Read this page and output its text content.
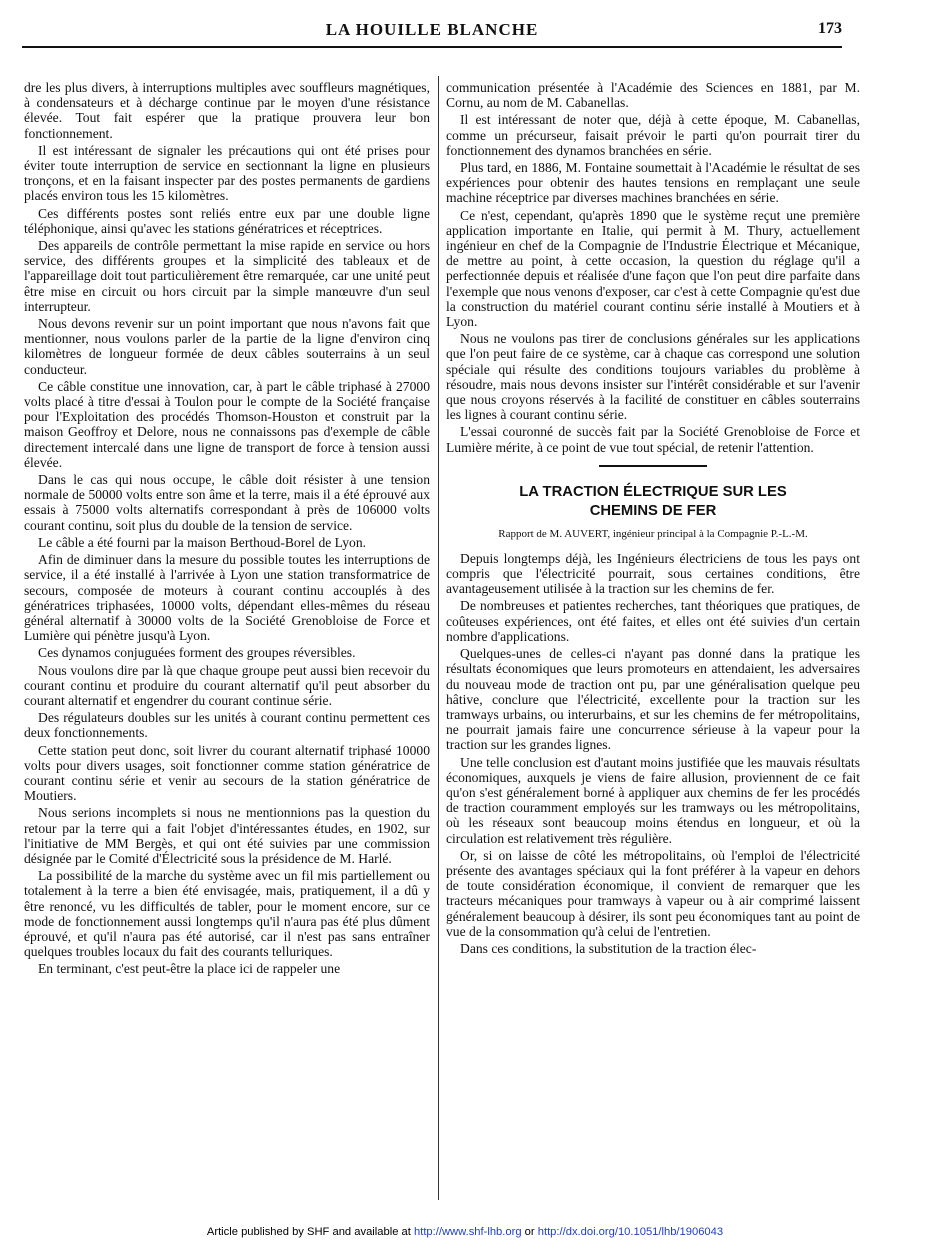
LA HOUILLE BLANCHE	173

dre les plus divers, à interruptions multiples avec souffleurs magnétiques, à condensateurs et à décharge continue par le moyen d'une résistance élevée. Tout fait espérer que la pratique prouvera leur bon fonctionnement.

Il est intéressant de signaler les précautions qui ont été prises pour éviter toute interruption de service en sectionnant la ligne en plusieurs tronçons, et en la faisant inspecter par des postes permanents de gardiens placés environ tous les 15 kilomètres.

Ces différents postes sont reliés entre eux par une double ligne téléphonique, ainsi qu'avec les stations génératrices et réceptrices.

Des appareils de contrôle permettant la mise rapide en service ou hors service, des différents groupes et la simplicité des tableaux et de l'appareillage doit tout particulièrement être remarquée, car une unité peut être mise en circuit ou hors circuit par la simple manœuvre d'un seul interrupteur.

Nous devons revenir sur un point important que nous n'avons fait que mentionner, nous voulons parler de la partie de la ligne d'environ cinq kilomètres de longueur formée de deux câbles souterrains à un seul conducteur.

Ce câble constitue une innovation, car, à part le câble triphasé à 27000 volts placé à titre d'essai à Toulon pour le compte de la Société française pour l'Exploitation des procédés Thomson-Houston et construit par la maison Geoffroy et Delore, nous ne connaissons pas d'exemple de câble directement intercalé dans une ligne de transport de force à tension aussi élevée.

Dans le cas qui nous occupe, le câble doit résister à une tension normale de 50000 volts entre son âme et la terre, mais il a été éprouvé aux essais à 75000 volts alternatifs correspondant à près de 106000 volts courant continu, soit plus du double de la tension de service.

Le câble a été fourni par la maison Berthoud-Borel de Lyon.

Afin de diminuer dans la mesure du possible toutes les interruptions de service, il a été installé à l'arrivée à Lyon une station transformatrice de secours, composée de moteurs à courant continu accouplés à des génératrices triphasées, 10000 volts, dépendant elles-mêmes du réseau général alternatif à 30000 volts de la Société Grenobloise de Force et Lumière qui pénètre jusqu'à Lyon.

Ces dynamos conjuguées forment des groupes réversibles.

Nous voulons dire par là que chaque groupe peut aussi bien recevoir du courant continu et produire du courant alternatif qu'il peut absorber du courant alternatif et engendrer du courant continue série.

Des régulateurs doubles sur les unités à courant continu permettent ces deux fonctionnements.

Cette station peut donc, soit livrer du courant alternatif triphasé 10000 volts pour divers usages, soit fonctionner comme station génératrice de courant continu série et venir au secours de la station génératrice de Moutiers.

Nous serions incomplets si nous ne mentionnions pas la question du retour par la terre qui a fait l'objet d'intéressantes études, en 1902, sur l'initiative de MM Bergès, et qui ont été suivies par une commission désignée par le Comité d'Électricité sous la présidence de M. Harlé.

La possibilité de la marche du système avec un fil mis partiellement ou totalement à la terre a bien été envisagée, mais, pratiquement, il a dû y être renoncé, vu les difficultés de tabler, pour le moment encore, sur ce mode de fonctionnement aussi longtemps qu'il n'aura pas été plus dûment éprouvé, et qu'il n'aura pas été autorisé, car il n'est pas sans entraîner quelques troubles locaux du fait des courants telluriques.

En terminant, c'est peut-être la place ici de rappeler une

communication présentée à l'Académie des Sciences en 1881, par M. Cornu, au nom de M. Cabanellas.

Il est intéressant de noter que, déjà à cette époque, M. Cabanellas, comme un précurseur, faisait prévoir le parti qu'on pourrait tirer du fonctionnement des dynamos branchées en série.

Plus tard, en 1886, M. Fontaine soumettait à l'Académie le résultat de ses expériences pour obtenir des hautes tensions en remplaçant une seule machine réceptrice par diverses machines branchées en série.

Ce n'est, cependant, qu'après 1890 que le système reçut une première application importante en Italie, qui permit à M. Thury, actuellement ingénieur en chef de la Compagnie de l'Industrie Électrique et Mécanique, de mettre au point, à cette occasion, la question du réglage qu'il a perfectionnée depuis et réalisée d'une façon que l'on peut dire parfaite dans l'exemple que nous venons d'exposer, car c'est à cette Compagnie qu'est due la construction du matériel courant continu série installé à Moutiers et à Lyon.

Nous ne voulons pas tirer de conclusions générales sur les applications que l'on peut faire de ce système, car à chaque cas correspond une solution spéciale qui résulte des conditions toujours variables du problème à résoudre, mais nous devons insister sur l'intérêt considérable et sur l'avenir que nous croyons réservés à la facilité de constituer en câbles souterrains les lignes à courant continu série.

L'essai couronné de succès fait par la Société Grenobloise de Force et Lumière mérite, à ce point de vue tout spécial, de retenir l'attention.

LA TRACTION ÉLECTRIQUE SUR LES
CHEMINS DE FER
Rapport de M. AUVERT, ingénieur principal à la Compagnie P.-L.-M.

Depuis longtemps déjà, les Ingénieurs électriciens de tous les pays ont compris que l'électricité pourrait, sous certaines conditions, être avantageusement utilisée à la traction sur les chemins de fer.

De nombreuses et patientes recherches, tant théoriques que pratiques, de coûteuses expériences, ont été faites, et elles ont été suivies d'un certain nombre d'applications.

Quelques-unes de celles-ci n'ayant pas donné dans la pratique les résultats économiques que leurs promoteurs en attendaient, les adversaires du nouveau mode de traction ont pu, par une généralisation quelque peu hâtive, conclure que l'électricité, excellente pour la traction sur les tramways urbains, ou interurbains, et sur les chemins de fer métropolitains, ne pourrait jamais faire une concurrence sérieuse à la vapeur pour la traction sur les grandes lignes.

Une telle conclusion est d'autant moins justifiée que les mauvais résultats économiques, auxquels je viens de faire allusion, proviennent de ce fait qu'on s'est généralement borné à appliquer aux chemins de fer les procédés de traction couramment employés sur les tramways ou les métropolitains, où les réseaux sont beaucoup moins étendus en longueur, et où la circulation est relativement très régulière.

Or, si on laisse de côté les métropolitains, où l'emploi de l'électricité présente des avantages spéciaux qui la font préférer à la vapeur en dehors de toute considération économique, il convient de remarquer que les tracteurs mécaniques pour tramways à vapeur ou à air comprimé laissent généralement beaucoup à désirer, ils sont peu économiques tant au point de vue de la consommation qu'à celui de l'entretien.

Dans ces conditions, la substitution de la traction élec-

Article published by SHF and available at http://www.shf-lhb.org or http://dx.doi.org/10.1051/lhb/1906043
